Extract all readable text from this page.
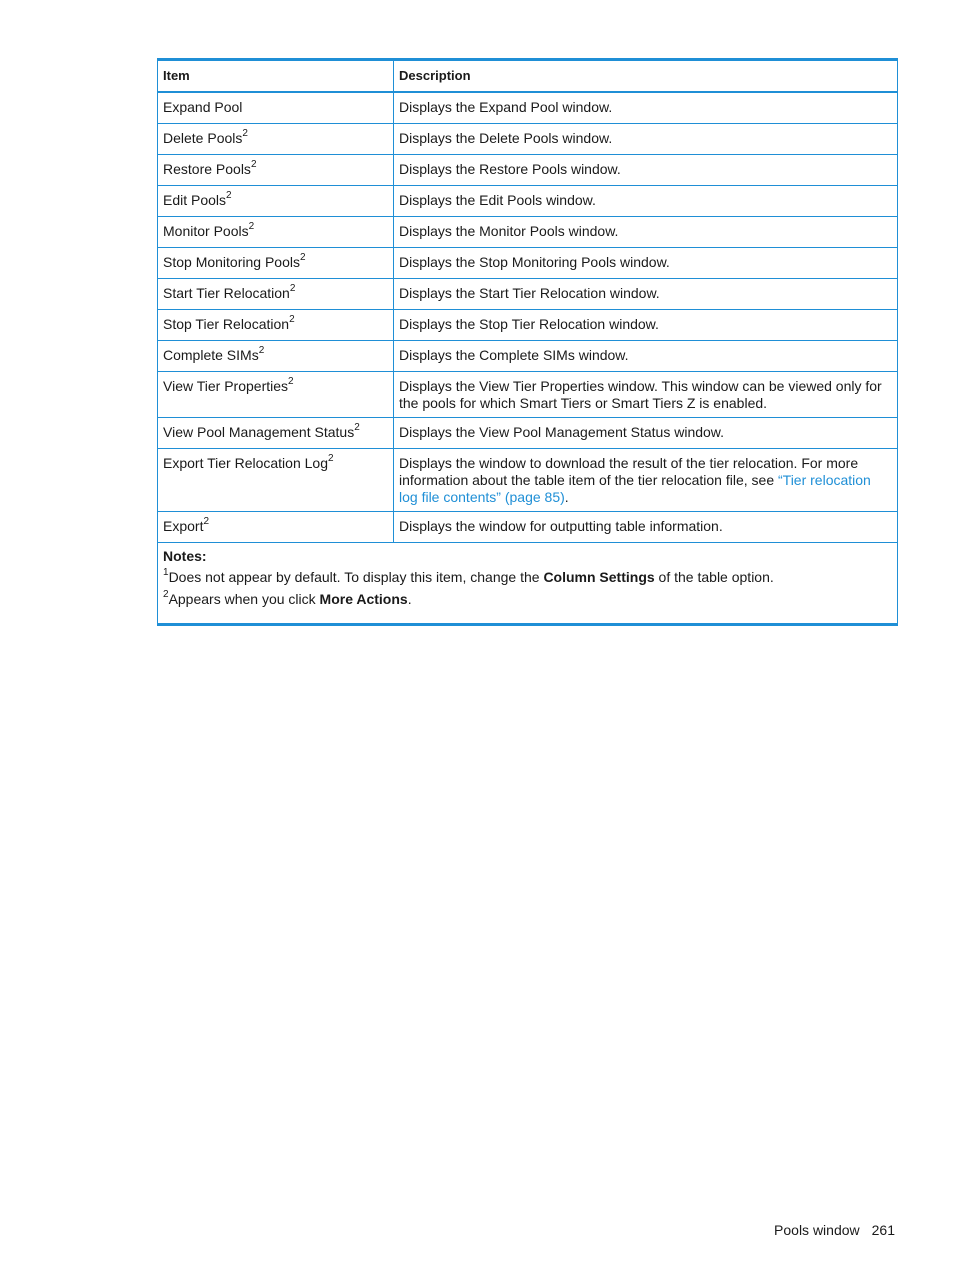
Item	Description
Expand Pool	Displays the Expand Pool window.
Delete Pools$^2$	Displays the Delete Pools window.
Restore Pools$^2$	Displays the Restore Pools window.
Edit Pools$^2$	Displays the Edit Pools window.
Monitor Pools$^2$	Displays the Monitor Pools window.
Stop Monitoring Pools$^2$	Displays the Stop Monitoring Pools window.
Start Tier Relocation$^2$	Displays the Start Tier Relocation window.
Stop Tier Relocation$^2$	Displays the Stop Tier Relocation window.
Complete SIMs$^2$	Displays the Complete SIMs window.
View Tier Properties$^2$	Displays the View Tier Properties window. This window can be viewed only for the pools for which Smart Tiers or Smart Tiers Z is enabled.
View Pool Management Status$^2$	Displays the View Pool Management Status window.
Export Tier Relocation Log$^2$	Displays the window to download the result of the tier relocation. For more information about the table item of the tier relocation file, see “Tier relocation log file contents” (page 85).
Export$^2$	Displays the window for outputting table information.

Notes:
$^1$Does not appear by default. To display this item, change the Column Settings of the table option.
$^2$Appears when you click More Actions.	
Pools window 261
